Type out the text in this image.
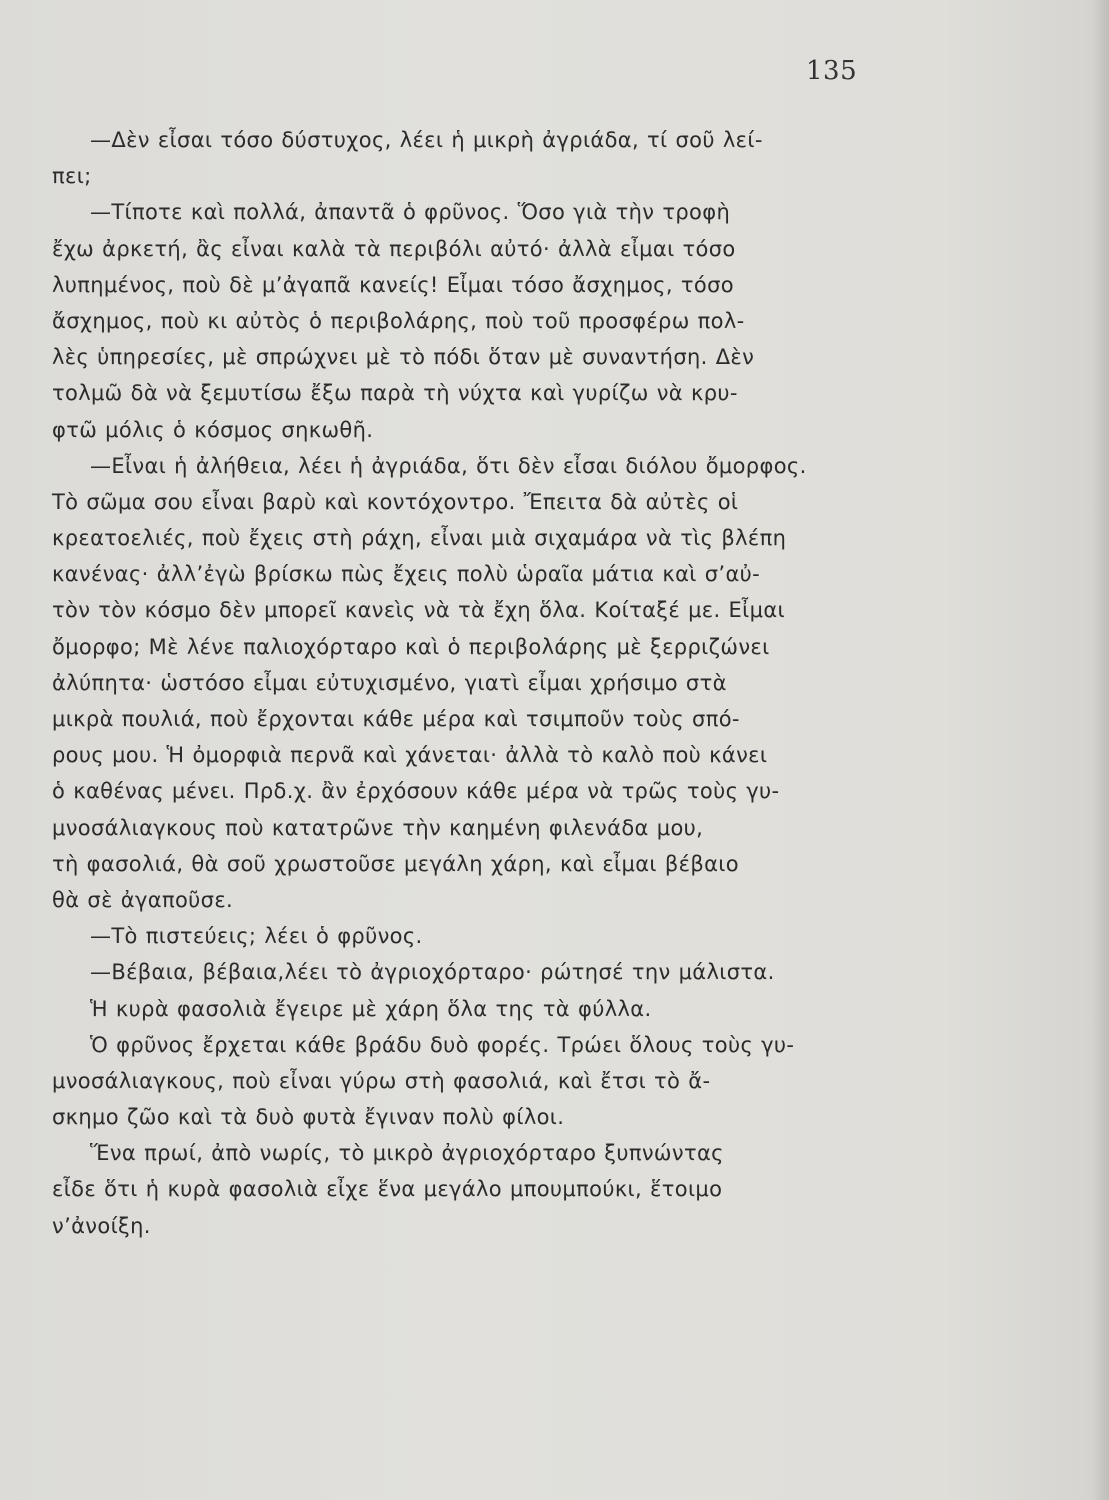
135
—Δὲν εἶσαι τόσο δύστυχος, λέει ἡ μικρὴ ἀγριάδα, τί σοῦ λεί-
πει;
—Τίποτε καὶ πολλά, ἀπαντᾶ ὁ φρῦνος. Ὅσο γιὰ τὴν τροφὴ
ἔχω ἀρκετή, ἂς εἶναι καλὰ τὰ περιβόλι αὐτό· ἀλλὰ εἶμαι τόσο
λυπημένος, ποὺ δὲ μ’ἀγαπᾶ κανείς! Εἶμαι τόσο ἄσχημος, τόσο
ἄσχημος, ποὺ κι αὐτὸς ὁ περιβολάρης, ποὺ τοῦ προσφέρω πολ-
λὲς ὑπηρεσίες, μὲ σπρώχνει μὲ τὸ πόδι ὅταν μὲ συναντήση. Δὲν
τολμῶ δὰ νὰ ξεμυτίσω ἔξω παρὰ τὴ νύχτα καὶ γυρίζω νὰ κρυ-
φτῶ μόλις ὁ κόσμος σηκωθῆ.
—Εἶναι ἡ ἀλήθεια, λέει ἡ ἀγριάδα, ὅτι δὲν εἶσαι διόλου ὄμορφος.
Τὸ σῶμα σου εἶναι βαρὺ καὶ κοντόχοντρο. Ἔπειτα δὰ αὐτὲς οἱ
κρεατοελιές, ποὺ ἔχεις στὴ ράχη, εἶναι μιὰ σιχαμάρα νὰ τὶς βλέπη
κανένας· ἀλλ’ἐγὼ βρίσκω πὼς ἔχεις πολὺ ὡραῖα μάτια καὶ σ’αὐ-
τὸν τὸν κόσμο δὲν μπορεῖ κανεὶς νὰ τὰ ἔχη ὅλα. Κοίταξέ με. Εἶμαι
ὄμορφο; Μὲ λένε παλιοχόρταρο καὶ ὁ περιβολάρης μὲ ξερριζώνει
ἀλύπητα· ὡστόσο εἶμαι εὐτυχισμένο, γιατὶ εἶμαι χρήσιμο στὰ
μικρὰ πουλιά, ποὺ ἔρχονται κάθε μέρα καὶ τσιμποῦν τοὺς σπό-
ρους μου. Ἡ ὀμορφιὰ περνᾶ καὶ χάνεται· ἀλλὰ τὸ καλὸ ποὺ κάνει
ὁ καθένας μένει. Πρδ.χ. ἂν ἐρχόσουν κάθε μέρα νὰ τρῶς τοὺς γυ-
μνοσάλιαγκους ποὺ κατατρῶνε τὴν καημένη φιλενάδα μου,
τὴ φασολιά, θὰ σοῦ χρωστοῦσε μεγάλη χάρη, καὶ εἶμαι βέβαιο
θὰ σὲ ἀγαποῦσε.
—Τὸ πιστεύεις; λέει ὁ φρῦνος.
—Βέβαια, βέβαια,λέει τὸ ἀγριοχόρταρο· ρώτησέ την μάλιστα.
Ἡ κυρὰ φασολιὰ ἔγειρε μὲ χάρη ὅλα της τὰ φύλλα.
Ὁ φρῦνος ἔρχεται κάθε βράδυ δυὸ φορές. Τρώει ὅλους τοὺς γυ-
μνοσάλιαγκους, ποὺ εἶναι γύρω στὴ φασολιά, καὶ ἔτσι τὸ ἄ-
σκημο ζῶο καὶ τὰ δυὸ φυτὰ ἔγιναν πολὺ φίλοι.
Ἕνα πρωί, ἀπὸ νωρίς, τὸ μικρὸ ἀγριοχόρταρο ξυπνώντας
εἶδε ὅτι ἡ κυρὰ φασολιὰ εἶχε ἕνα μεγάλο μπουμπούκι, ἕτοιμο
ν’ἀνοίξη.
